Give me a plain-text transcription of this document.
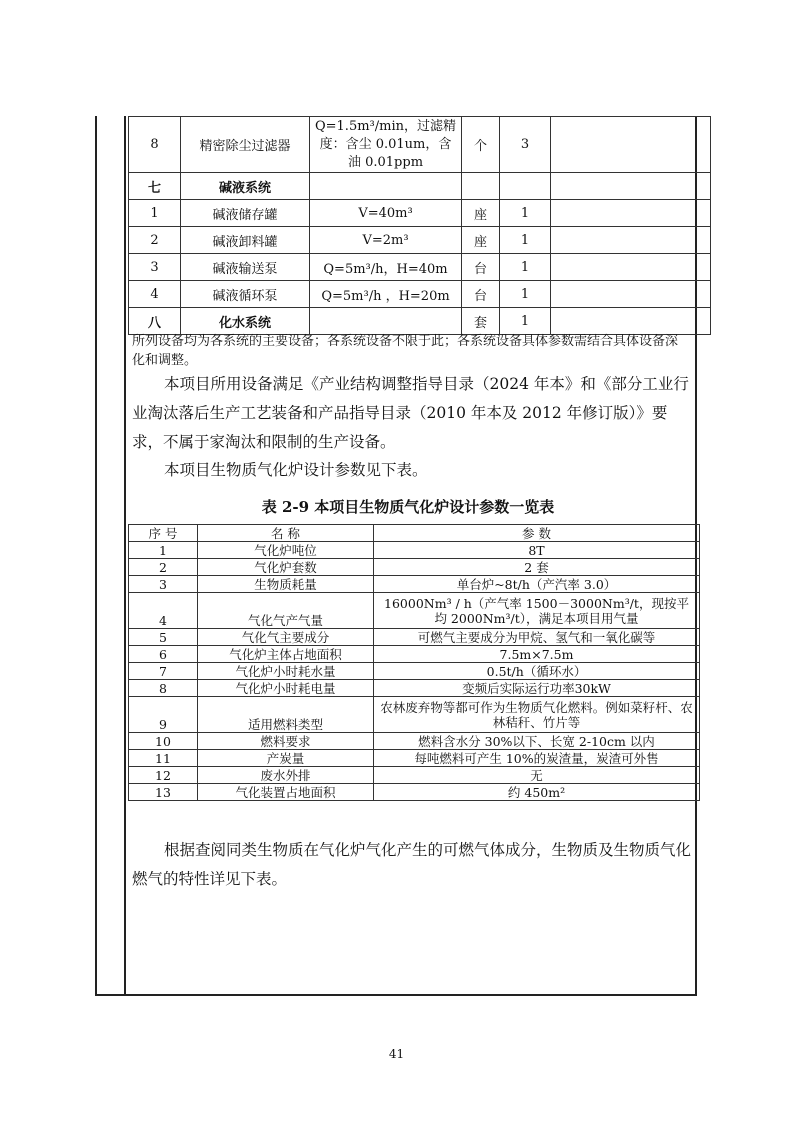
8	精密除尘过滤器	Q=1.5m³/min，过滤精度：含尘 0.01um，含油 0.01ppm	个	3	
七	碱液系统				
1	碱液储存罐	V=40m³	座	1	
2	碱液卸料罐	V=2m³	座	1	
3	碱液输送泵	Q=5m³/h，H=40m	台	1	
4	碱液循环泵	Q=5m³/h ，H=20m	台	1	
八	化水系统		套	1	
所列设备均为各系统的主要设备；各系统设备不限于此；各系统设备具体参数需结合具体设备深化和调整。
本项目所用设备满足《产业结构调整指导目录（2024 年本》和《部分工业行业淘汰落后生产工艺装备和产品指导目录（2010 年本及 2012 年修订版）》要求，不属于家淘汰和限制的生产设备。
本项目生物质气化炉设计参数见下表。
表 2-9 本项目生物质气化炉设计参数一览表
序 号	名 称	参 数
1	气化炉吨位	8T
2	气化炉套数	2 套
3	生物质耗量	单台炉~8t/h（产汽率 3.0）
4	气化气产气量	16000Nm³ / h（产气率 1500－3000Nm³/t，现按平均 2000Nm³/t），满足本项目用气量
5	气化气主要成分	可燃气主要成分为甲烷、氢气和一氧化碳等
6	气化炉主体占地面积	7.5m×7.5m
7	气化炉小时耗水量	0.5t/h（循环水）
8	气化炉小时耗电量	变频后实际运行功率30kW
9	适用燃料类型	农林废弃物等都可作为生物质气化燃料。例如菜籽杆、农林秸秆、竹片等
10	燃料要求	燃料含水分 30%以下、长宽 2-10cm 以内
11	产炭量	每吨燃料可产生 10%的炭渣量，炭渣可外售
12	废水外排	无
13	气化装置占地面积	约 450m²
根据查阅同类生物质在气化炉气化产生的可燃气体成分，生物质及生物质气化燃气的特性详见下表。
41
